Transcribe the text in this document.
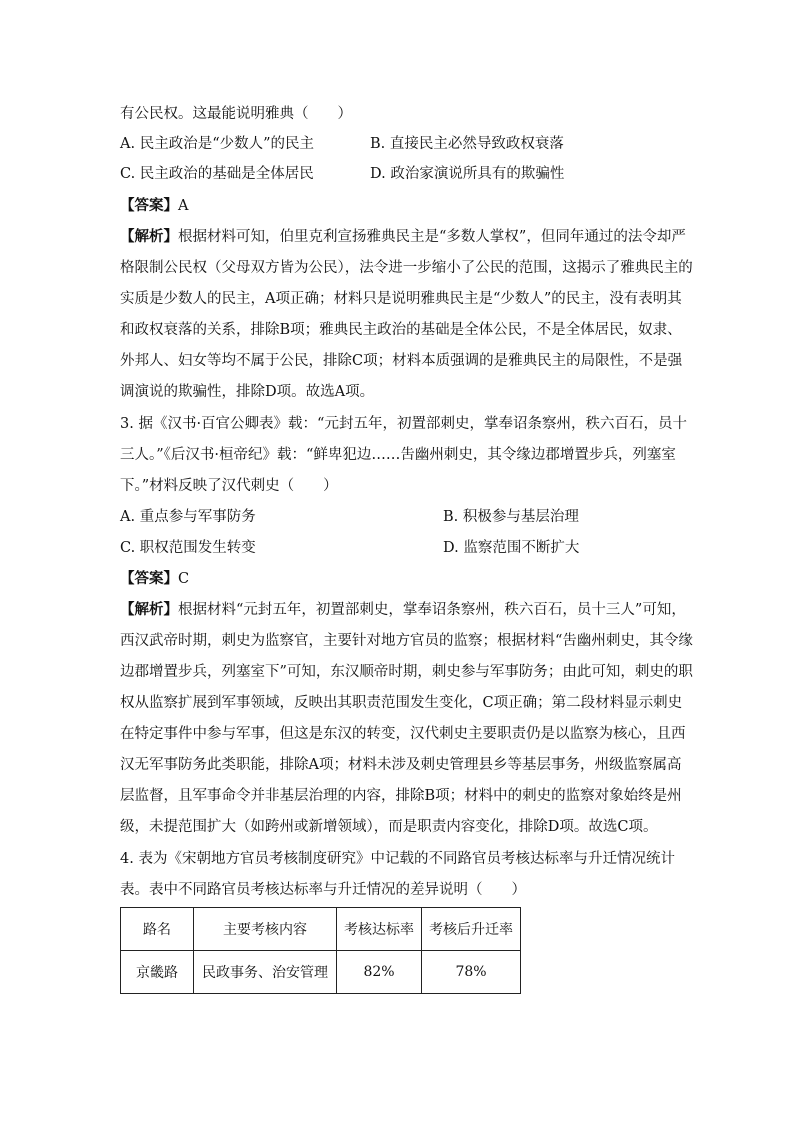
有公民权。这最能说明雅典（　　）
A. 民主政治是“少数人”的民主	B. 直接民主必然导致政权衰落
C. 民主政治的基础是全体居民	D. 政治家演说所具有的欺骗性
【答案】A
【解析】根据材料可知，伯里克利宣扬雅典民主是“多数人掌权”，但同年通过的法令却严
格限制公民权（父母双方皆为公民），法令进一步缩小了公民的范围，这揭示了雅典民主的
实质是少数人的民主，A项正确；材料只是说明雅典民主是“少数人”的民主，没有表明其
和政权衰落的关系，排除B项；雅典民主政治的基础是全体公民，不是全体居民，奴隶、
外邦人、妇女等均不属于公民，排除C项；材料本质强调的是雅典民主的局限性，不是强
调演说的欺骗性，排除D项。故选A项。
3. 据《汉书·百官公卿表》载：“元封五年，初置部刺史，掌奉诏条察州，秩六百石，员十
三人。”《后汉书·桓帝纪》载：“鲜卑犯边……吿幽州刺史，其令缘边郡增置步兵，列塞室
下。”材料反映了汉代刺史（　　）
A. 重点参与军事防务	B. 积极参与基层治理
C. 职权范围发生转变	D. 监察范围不断扩大
【答案】C
【解析】根据材料“元封五年，初置部刺史，掌奉诏条察州，秩六百石，员十三人”可知，
西汉武帝时期，刺史为监察官，主要针对地方官员的监察；根据材料“吿幽州刺史，其令缘
边郡增置步兵，列塞室下”可知，东汉顺帝时期，刺史参与军事防务；由此可知，刺史的职
权从监察扩展到军事领域，反映出其职责范围发生变化，C项正确；第二段材料显示刺史
在特定事件中参与军事，但这是东汉的转变，汉代刺史主要职责仍是以监察为核心，且西
汉无军事防务此类职能，排除A项；材料未涉及刺史管理县乡等基层事务，州级监察属高
层监督，且军事命令并非基层治理的内容，排除B项；材料中的刺史的监察对象始终是州
级，未提范围扩大（如跨州或新增领域），而是职责内容变化，排除D项。故选C项。
4. 表为《宋朝地方官员考核制度研究》中记载的不同路官员考核达标率与升迁情况统计
表。表中不同路官员考核达标率与升迁情况的差异说明（　　）
路名	主要考核内容	考核达标率	考核后升迁率
京畿路	民政事务、治安管理	82%	78%
